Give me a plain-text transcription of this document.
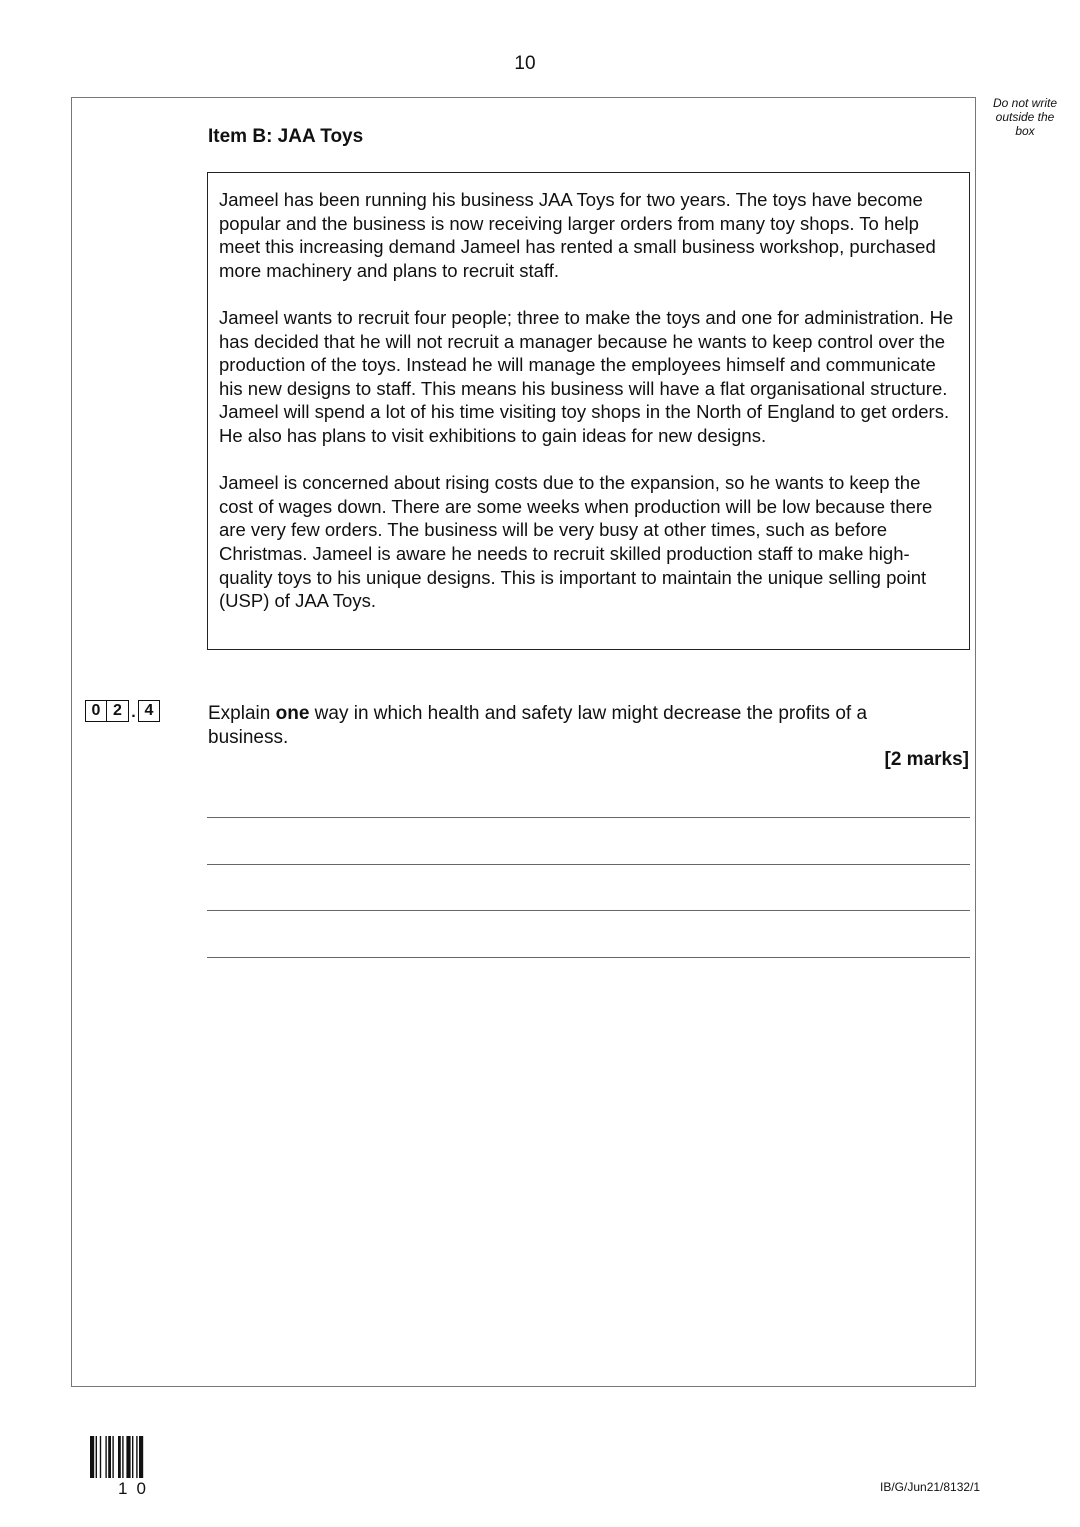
10
Do not write outside the box
Item B: JAA Toys

Jameel has been running his business JAA Toys for two years. The toys have become popular and the business is now receiving larger orders from many toy shops. To help meet this increasing demand Jameel has rented a small business workshop, purchased more machinery and plans to recruit staff.

Jameel wants to recruit four people; three to make the toys and one for administration. He has decided that he will not recruit a manager because he wants to keep control over the production of the toys. Instead he will manage the employees himself and communicate his new designs to staff. This means his business will have a flat organisational structure. Jameel will spend a lot of his time visiting toy shops in the North of England to get orders. He also has plans to visit exhibitions to gain ideas for new designs.

Jameel is concerned about rising costs due to the expansion, so he wants to keep the cost of wages down. There are some weeks when production will be low because there are very few orders. The business will be very busy at other times, such as before Christmas. Jameel is aware he needs to recruit skilled production staff to make high-quality toys to his unique designs. This is important to maintain the unique selling point (USP) of JAA Toys.

0 2 . 4	Explain one way in which health and safety law might decrease the profits of a business.
[2 marks]
10	IB/G/Jun21/8132/1
